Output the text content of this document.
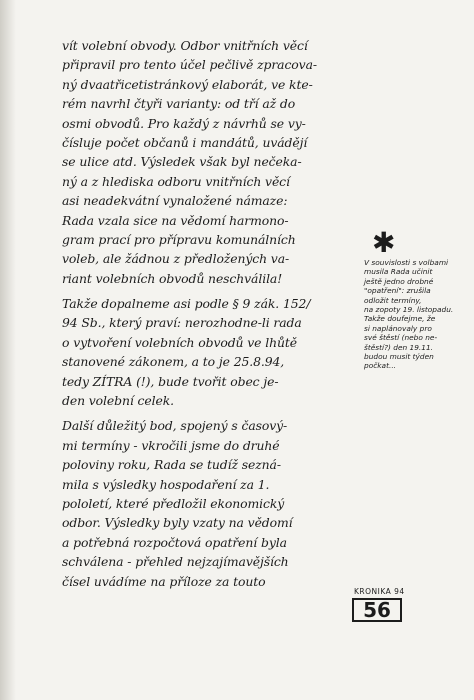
vít volební obvody. Odbor vnitřních věcí
připravil pro tento účel pečlivě zpracova-
ný dvaatřicetistránkový elaborát, ve kte-
rém navrhl čtyři varianty: od tří až do
osmi obvodů. Pro každý z návrhů se vy-
čísluje počet občanů i mandátů, uvádějí
se ulice atd. Výsledek však byl nečeka-
ný a z hlediska odboru vnitřních věcí
asi neadekvátní vynaložené námaze:
Rada vzala sice na vědomí harmono-
gram prací pro přípravu komunálních
voleb, ale žádnou z předložených va-
riant volebních obvodů neschválila!
Takže dopalneme asi podle § 9 zák. 152/
94 Sb., který praví: nerozhodne-li rada
o vytvoření volebních obvodů ve lhůtě
stanovené zákonem, a to je 25.8.94,
tedy ZÍTRA (!), bude tvořit obec je-
den volební celek.
Další důležitý bod, spojený s časový-
mi termíny - vkročili jsme do druhé
poloviny roku, Rada se tudíž sezná-
mila s výsledky hospodaření za 1.
pololetí, které předložil ekonomický
odbor. Výsledky byly vzaty na vědomí
a potřebná rozpočtová opatření byla
schválena - přehled nejzajímavějších
čísel uvádíme na příloze za touto
✱
V souvislosti s volbami
musila Rada učinit
ještě jedno drobné
"opatření": zrušila
odložit termíny,
na zopoty 19. listopadu.
Takže doufejme, že
si naplánovaly pro
své štěstí (nebo ne-
štěstí?) den 19.11.
budou musit týden
počkat...
KRONIKA 94
56
